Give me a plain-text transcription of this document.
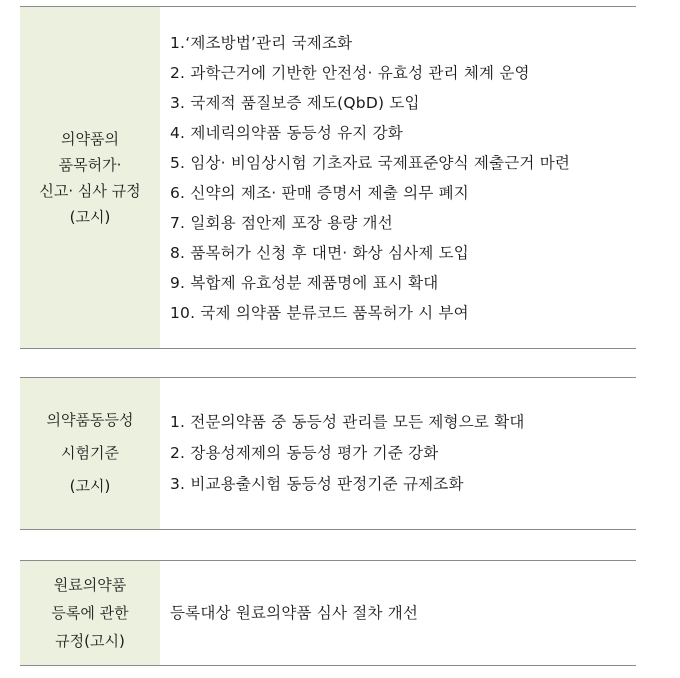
의약품의
품목허가·
신고· 심사 규정
(고시)
1.‘제조방법’관리 국제조화
2. 과학근거에 기반한 안전성· 유효성 관리 체계 운영
3. 국제적 품질보증 제도(QbD) 도입
4. 제네릭의약품 동등성 유지 강화
5. 임상· 비임상시험 기초자료 국제표준양식 제출근거 마련
6. 신약의 제조· 판매 증명서 제출 의무 폐지
7. 일회용 점안제 포장 용량 개선
8. 품목허가 신청 후 대면· 화상 심사제 도입
9. 복합제 유효성분 제품명에 표시 확대
10. 국제 의약품 분류코드 품목허가 시 부여
의약품동등성
시험기준
(고시)
1. 전문의약품 중 동등성 관리를 모든 제형으로 확대
2. 장용성제제의 동등성 평가 기준 강화
3. 비교용출시험 동등성 판정기준 규제조화
원료의약품
등록에 관한
규정(고시)
등록대상 원료의약품 심사 절차 개선
